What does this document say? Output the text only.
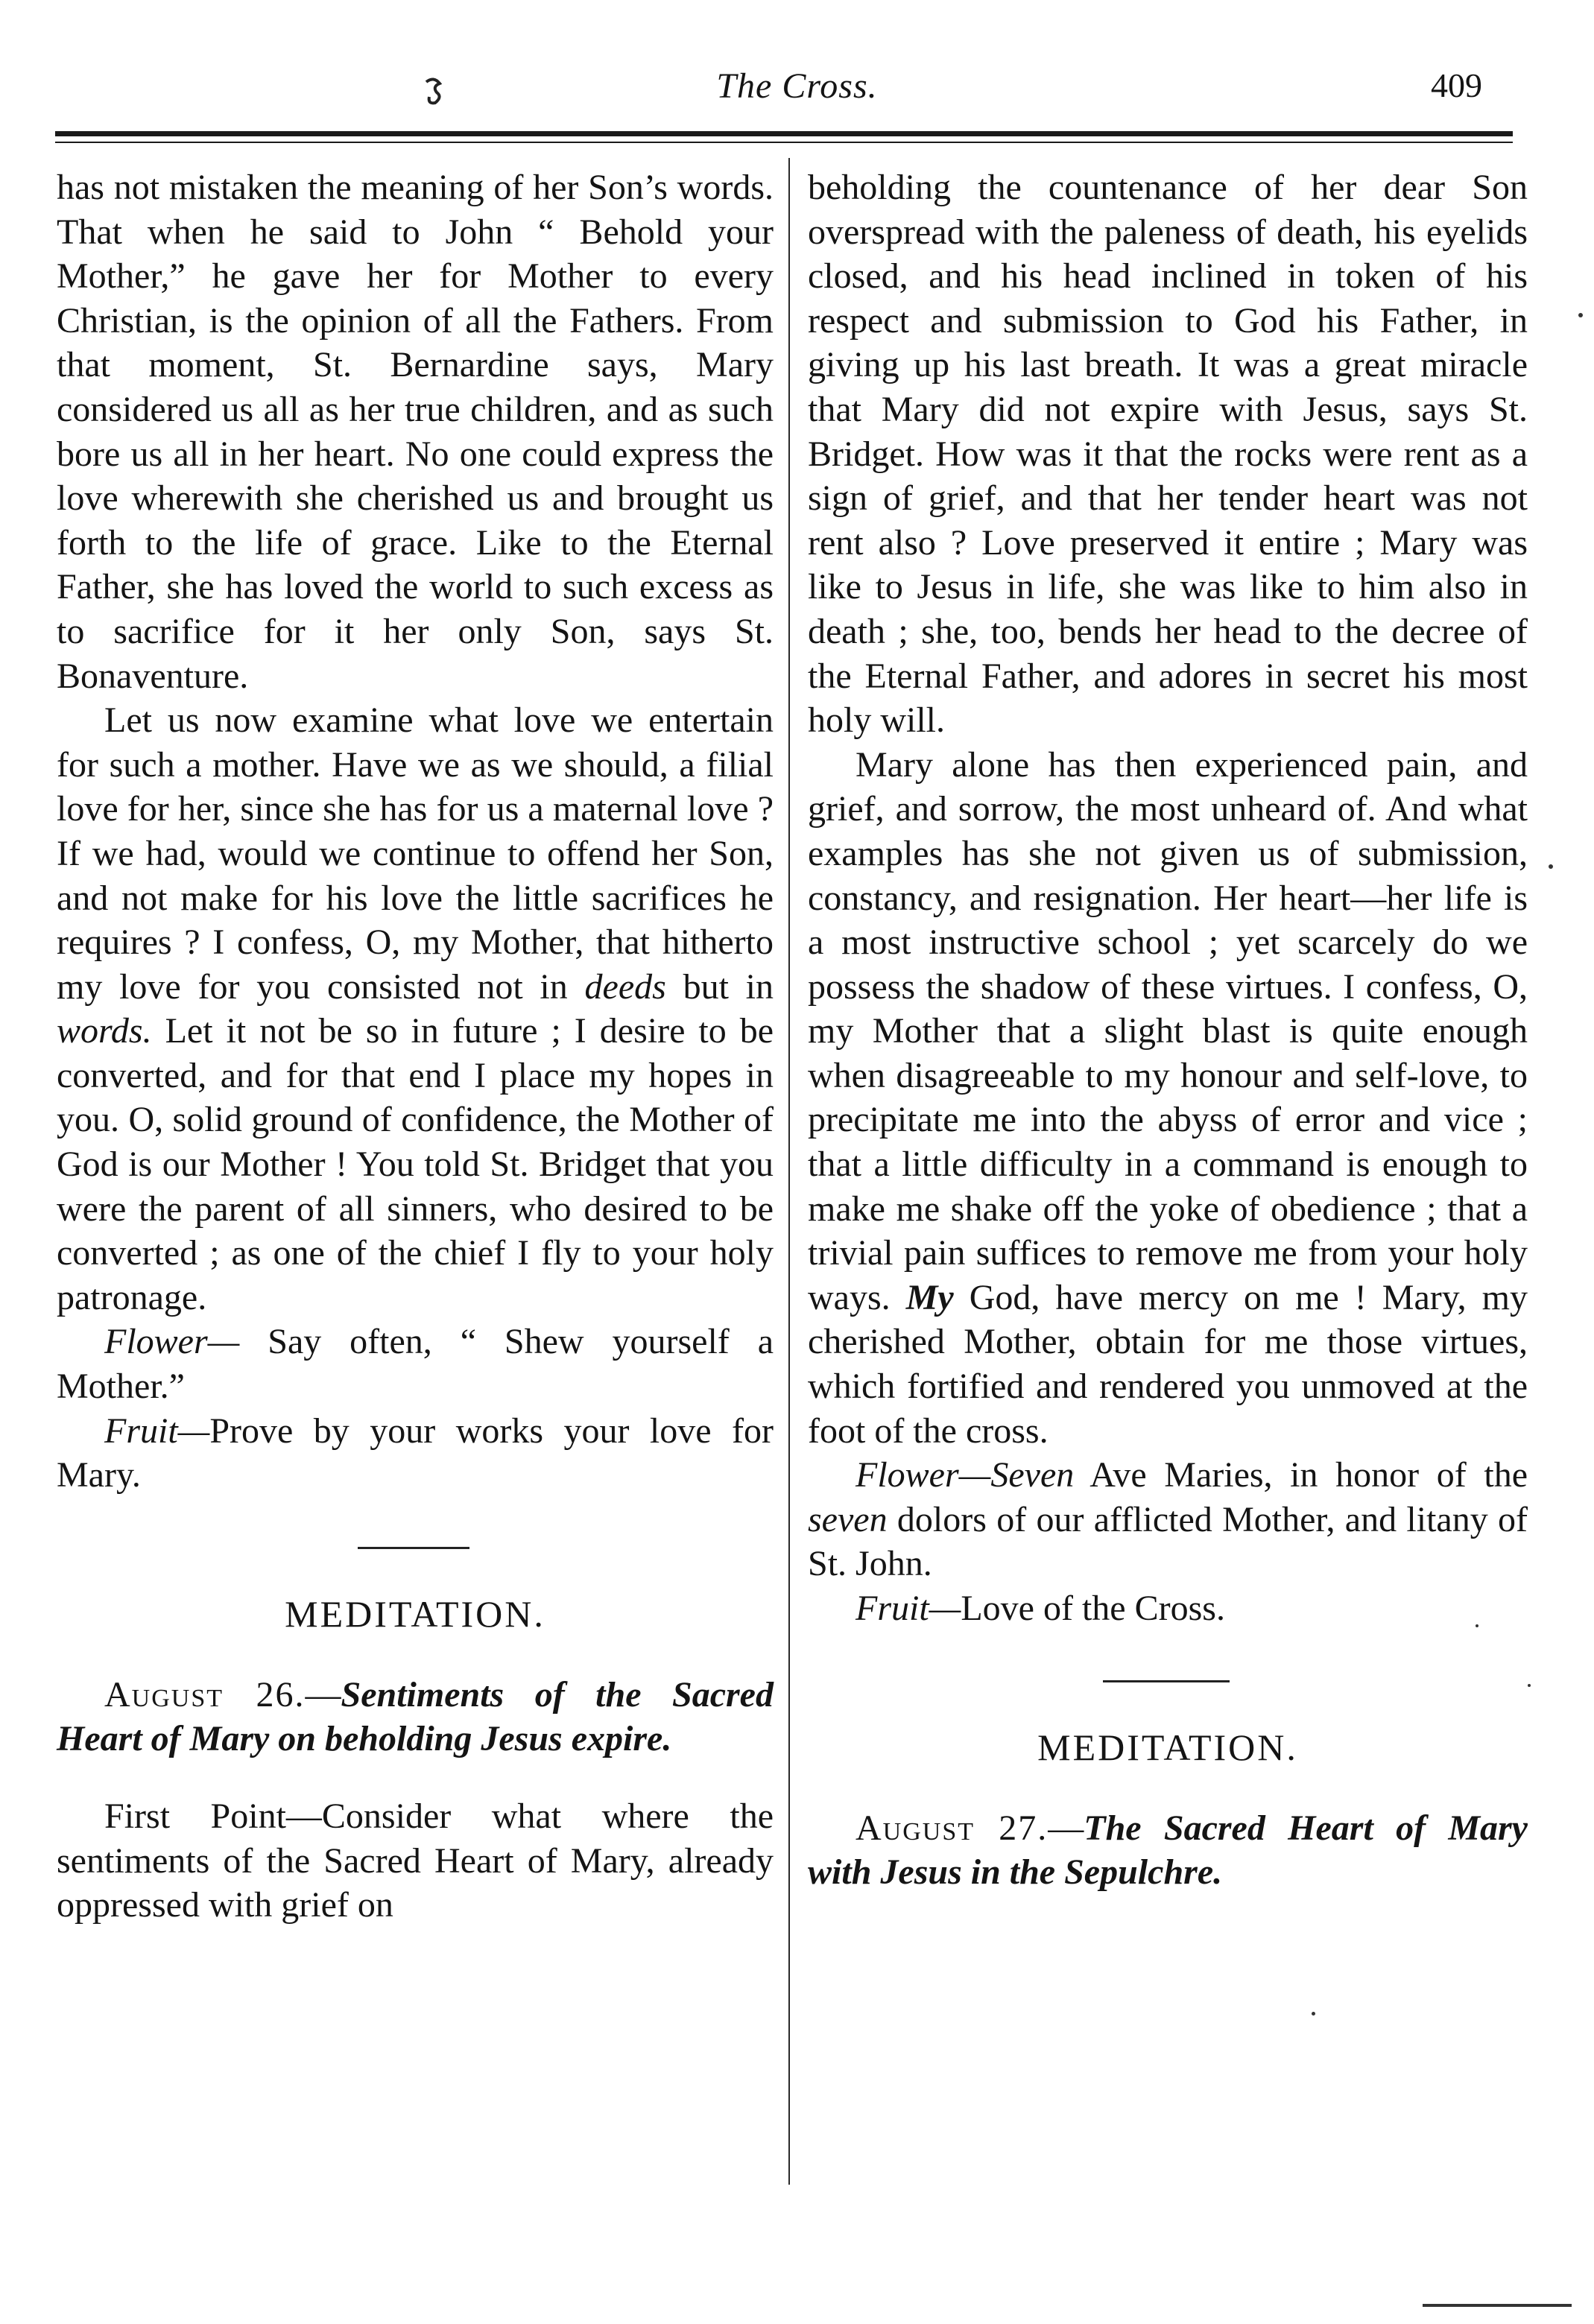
The Cross.	409

has not mistaken the meaning of her Son’s words. That when he said to John “ Behold your Mother,” he gave her for Mother to every Christian, is the opinion of all the Fathers. From that moment, St. Bernardine says, Mary considered us all as her true children, and as such bore us all in her heart. No one could express the love wherewith she cherished us and brought us forth to the life of grace. Like to the Eternal Father, she has loved the world to such excess as to sacrifice for it her only Son, says St. Bonaventure.

Let us now examine what love we entertain for such a mother. Have we as we should, a filial love for her, since she has for us a maternal love ? If we had, would we continue to offend her Son, and not make for his love the little sacrifices he requires ? I confess, O, my Mother, that hitherto my love for you consisted not in deeds but in words. Let it not be so in future ; I desire to be converted, and for that end I place my hopes in you. O, solid ground of confidence, the Mother of God is our Mother ! You told St. Bridget that you were the parent of all sinners, who desired to be converted ; as one of the chief I fly to your holy patronage.

Flower— Say often, “ Shew yourself a Mother.”

Fruit—Prove by your works your love for Mary.

MEDITATION.

August 26.—Sentiments of the Sacred Heart of Mary on beholding Jesus expire.

First Point—Consider what where the sentiments of the Sacred Heart of Mary, already oppressed with grief on

beholding the countenance of her dear Son overspread with the paleness of death, his eyelids closed, and his head inclined in token of his respect and submission to God his Father, in giving up his last breath. It was a great miracle that Mary did not expire with Jesus, says St. Bridget. How was it that the rocks were rent as a sign of grief, and that her tender heart was not rent also ? Love preserved it entire ; Mary was like to Jesus in life, she was like to him also in death ; she, too, bends her head to the decree of the Eternal Father, and adores in secret his most holy will.

Mary alone has then experienced pain, and grief, and sorrow, the most unheard of. And what examples has she not given us of submission, constancy, and resignation. Her heart—her life is a most instructive school ; yet scarcely do we possess the shadow of these virtues. I confess, O, my Mother that a slight blast is quite enough when disagreeable to my honour and self-love, to precipitate me into the abyss of error and vice ; that a little difficulty in a command is enough to make me shake off the yoke of obedience ; that a trivial pain suffices to remove me from your holy ways. My God, have mercy on me ! Mary, my cherished Mother, obtain for me those virtues, which fortified and rendered you unmoved at the foot of the cross.

Flower—Seven Ave Maries, in honor of the seven dolors of our afflicted Mother, and litany of St. John.

Fruit—Love of the Cross.

MEDITATION.

August 27.—The Sacred Heart of Mary with Jesus in the Sepulchre.
